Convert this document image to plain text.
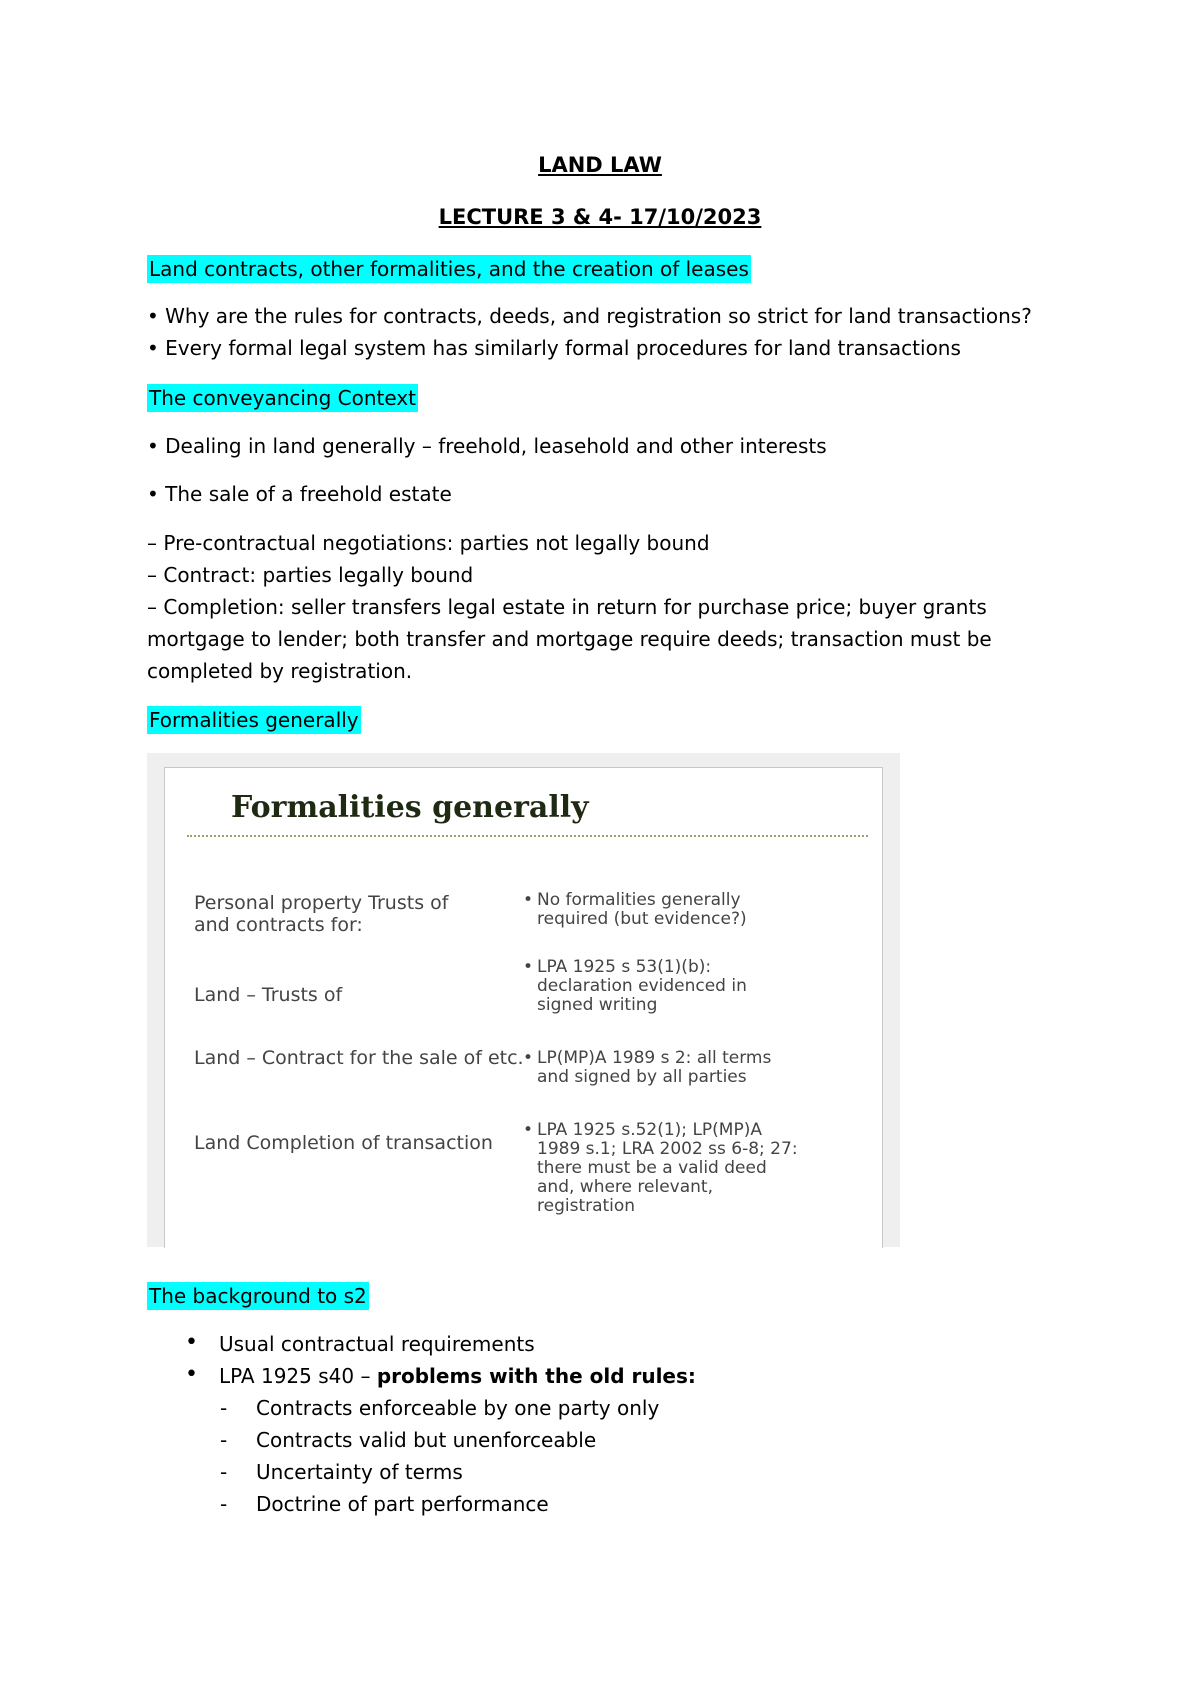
LAND LAW
LECTURE 3 & 4- 17/10/2023
Land contracts, other formalities, and the creation of leases
• Why are the rules for contracts, deeds, and registration so strict for land transactions?
• Every formal legal system has similarly formal procedures for land transactions
The conveyancing Context
• Dealing in land generally – freehold, leasehold and other interests
• The sale of a freehold estate
– Pre-contractual negotiations: parties not legally bound
– Contract: parties legally bound
– Completion: seller transfers legal estate in return for purchase price; buyer grants mortgage to lender; both transfer and mortgage require deeds; transaction must be completed by registration.
Formalities generally
Formalities generally
Personal property Trusts of
and contracts for:
• No formalities generally
required (but evidence?)
Land – Trusts of
• LPA 1925 s 53(1)(b):
declaration evidenced in
signed writing
Land – Contract for the sale of etc. • LP(MP)A 1989 s 2: all terms
and signed by all parties
Land Completion of transaction
• LPA 1925 s.52(1); LP(MP)A
1989 s.1; LRA 2002 ss 6-8; 27:
there must be a valid deed
and, where relevant,
registration
The background to s2
• Usual contractual requirements
• LPA 1925 s40 – problems with the old rules:
- Contracts enforceable by one party only
- Contracts valid but unenforceable
- Uncertainty of terms
- Doctrine of part performance
